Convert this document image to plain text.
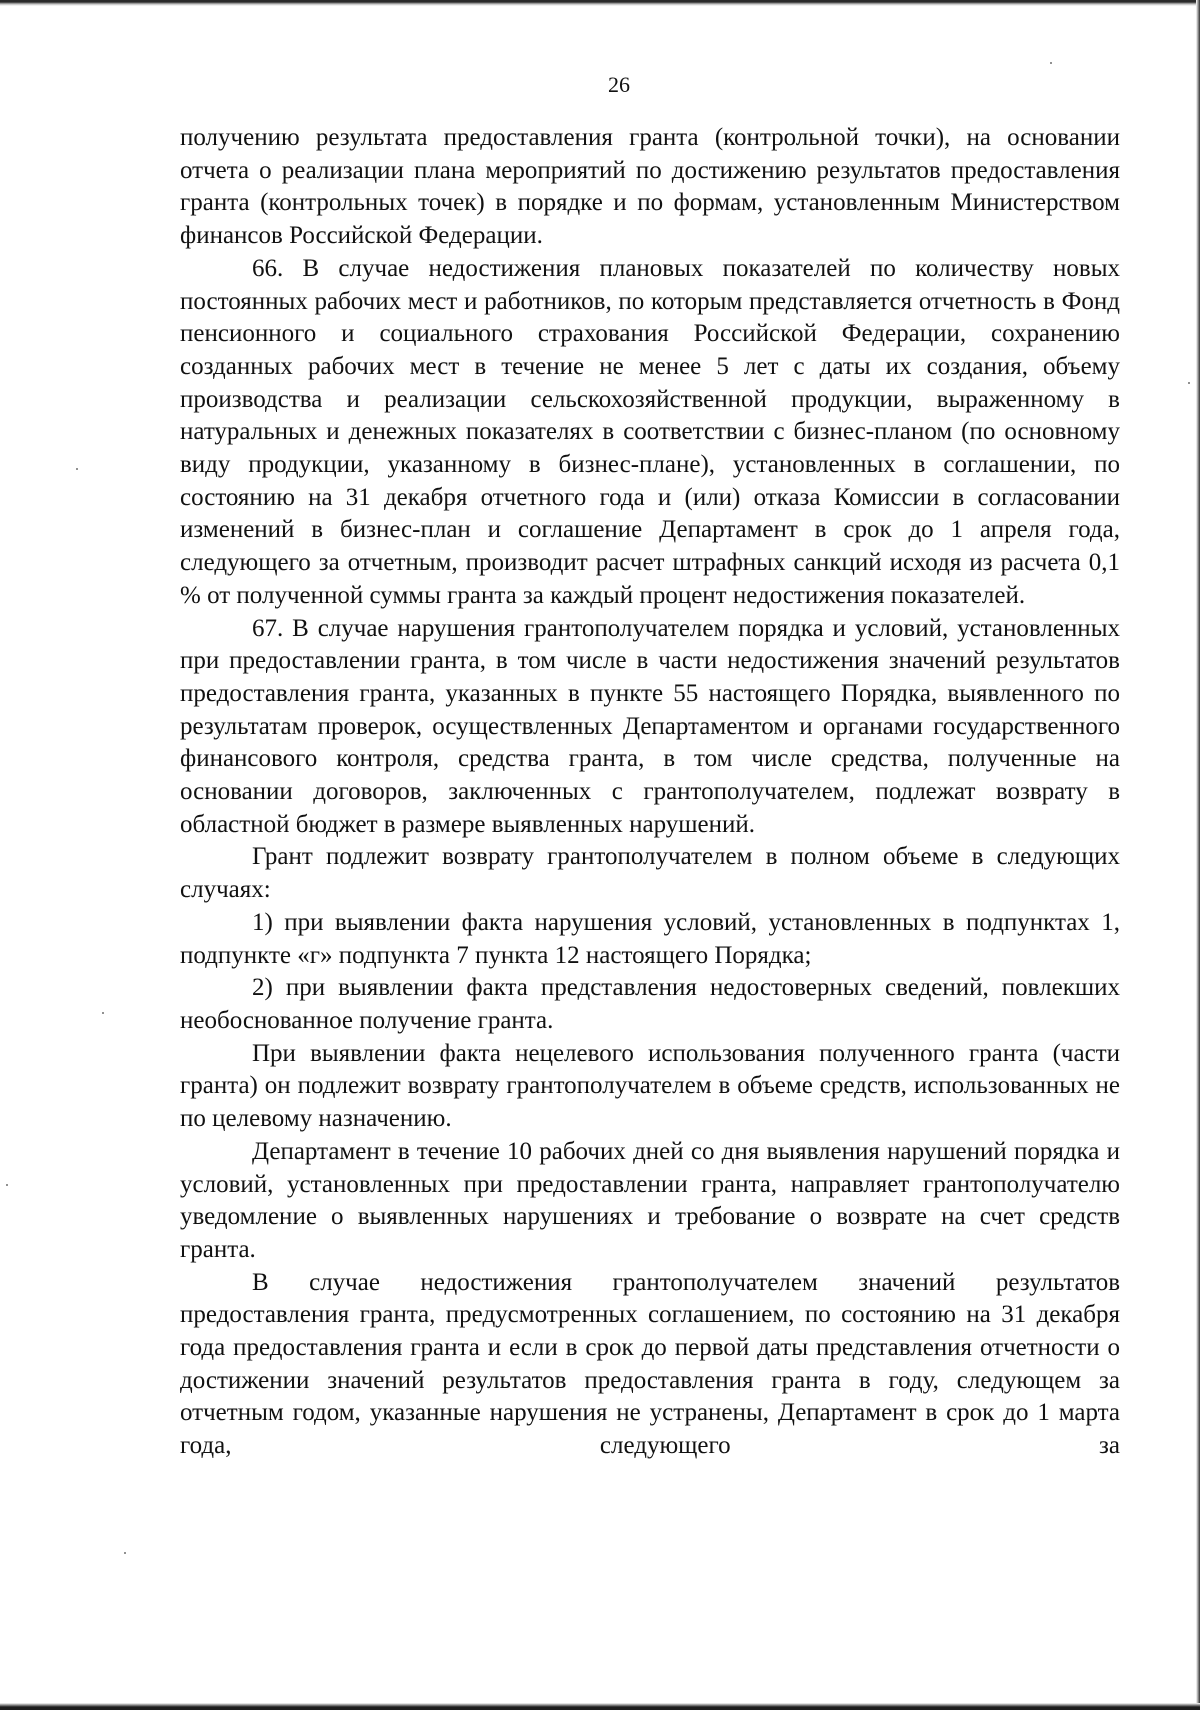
26

получению результата предоставления гранта (контрольной точки), на основании отчета о реализации плана мероприятий по достижению результатов предоставления гранта (контрольных точек) в порядке и по формам, установленным Министерством финансов Российской Федерации.

66. В случае недостижения плановых показателей по количеству новых постоянных рабочих мест и работников, по которым представляется отчетность в Фонд пенсионного и социального страхования Российской Федерации, сохранению созданных рабочих мест в течение не менее 5 лет с даты их создания, объему производства и реализации сельскохозяйственной продукции, выраженному в натуральных и денежных показателях в соответствии с бизнес-планом (по основному виду продукции, указанному в бизнес-плане), установленных в соглашении, по состоянию на 31 декабря отчетного года и (или) отказа Комиссии в согласовании изменений в бизнес-план и соглашение Департамент в срок до 1 апреля года, следующего за отчетным, производит расчет штрафных санкций исходя из расчета 0,1 % от полученной суммы гранта за каждый процент недостижения показателей.

67. В случае нарушения грантополучателем порядка и условий, установленных при предоставлении гранта, в том числе в части недостижения значений результатов предоставления гранта, указанных в пункте 55 настоящего Порядка, выявленного по результатам проверок, осуществленных Департаментом и органами государственного финансового контроля, средства гранта, в том числе средства, полученные на основании договоров, заключенных с грантополучателем, подлежат возврату в областной бюджет в размере выявленных нарушений.

Грант подлежит возврату грантополучателем в полном объеме в следующих случаях:

1) при выявлении факта нарушения условий, установленных в подпунктах 1, подпункте «г» подпункта 7 пункта 12 настоящего Порядка;

2) при выявлении факта представления недостоверных сведений, повлекших необоснованное получение гранта.

При выявлении факта нецелевого использования полученного гранта (части гранта) он подлежит возврату грантополучателем в объеме средств, использованных не по целевому назначению.

Департамент в течение 10 рабочих дней со дня выявления нарушений порядка и условий, установленных при предоставлении гранта, направляет грантополучателю уведомление о выявленных нарушениях и требование о возврате на счет средств гранта.

В случае недостижения грантополучателем значений результатов предоставления гранта, предусмотренных соглашением, по состоянию на 31 декабря года предоставления гранта и если в срок до первой даты представления отчетности о достижении значений результатов предоставления гранта в году, следующем за отчетным годом, указанные нарушения не устранены, Департамент в срок до 1 марта года, следующего за
